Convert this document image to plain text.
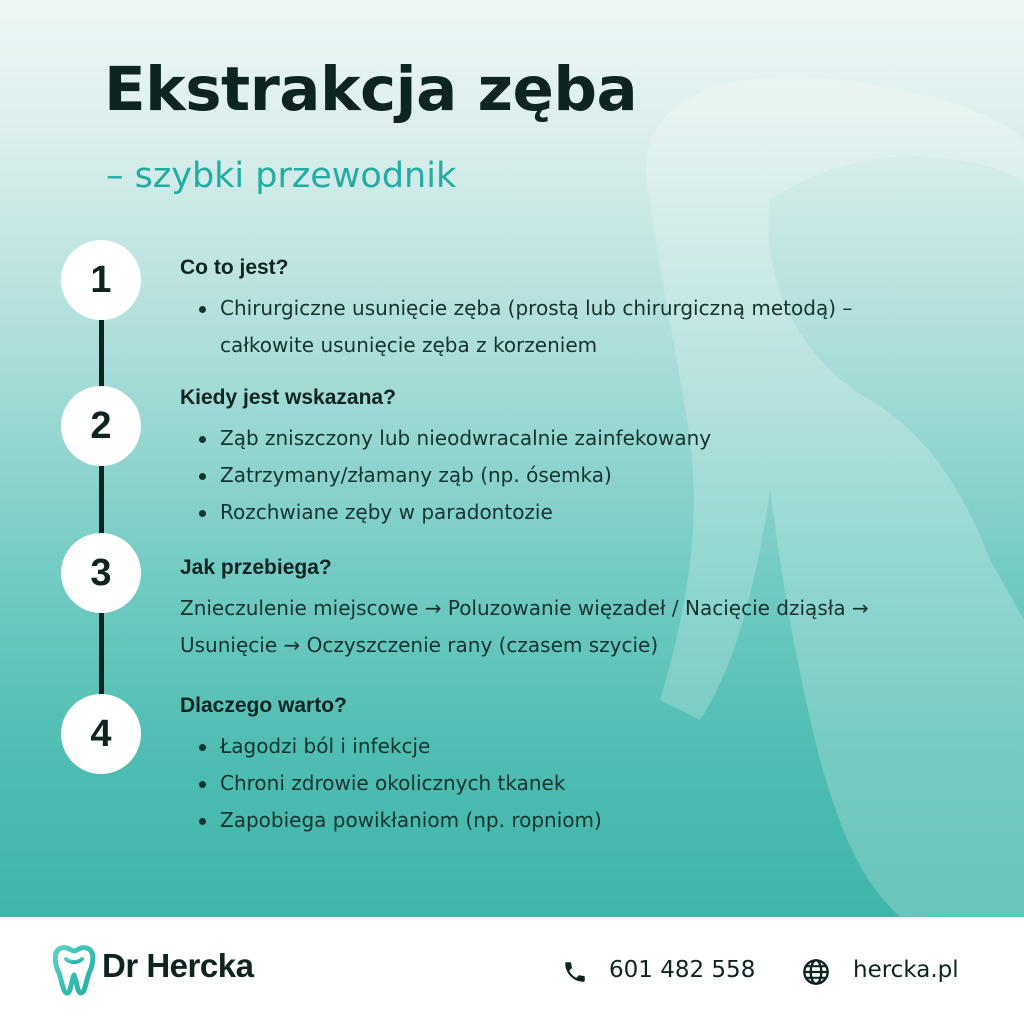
Ekstrakcja zęba
– szybki przewodnik
1
2
3
4
Co to jest?
Chirurgiczne usunięcie zęba (prostą lub chirurgiczną metodą) – całkowite usunięcie zęba z korzeniem
Kiedy jest wskazana?
Ząb zniszczony lub nieodwracalnie zainfekowany
Zatrzymany/złamany ząb (np. ósemka)
Rozchwiane zęby w paradontozie
Jak przebiega?

Znieczulenie miejscowe → Poluzowanie więzadeł / Nacięcie dziąsła → Usunięcie → Oczyszczenie rany (czasem szycie)

Dlaczego warto?
Łagodzi ból i infekcje
Chroni zdrowie okolicznych tkanek
Zapobiega powikłaniom (np. ropniom)
Dr Hercka	601 482 558	hercka.pl
